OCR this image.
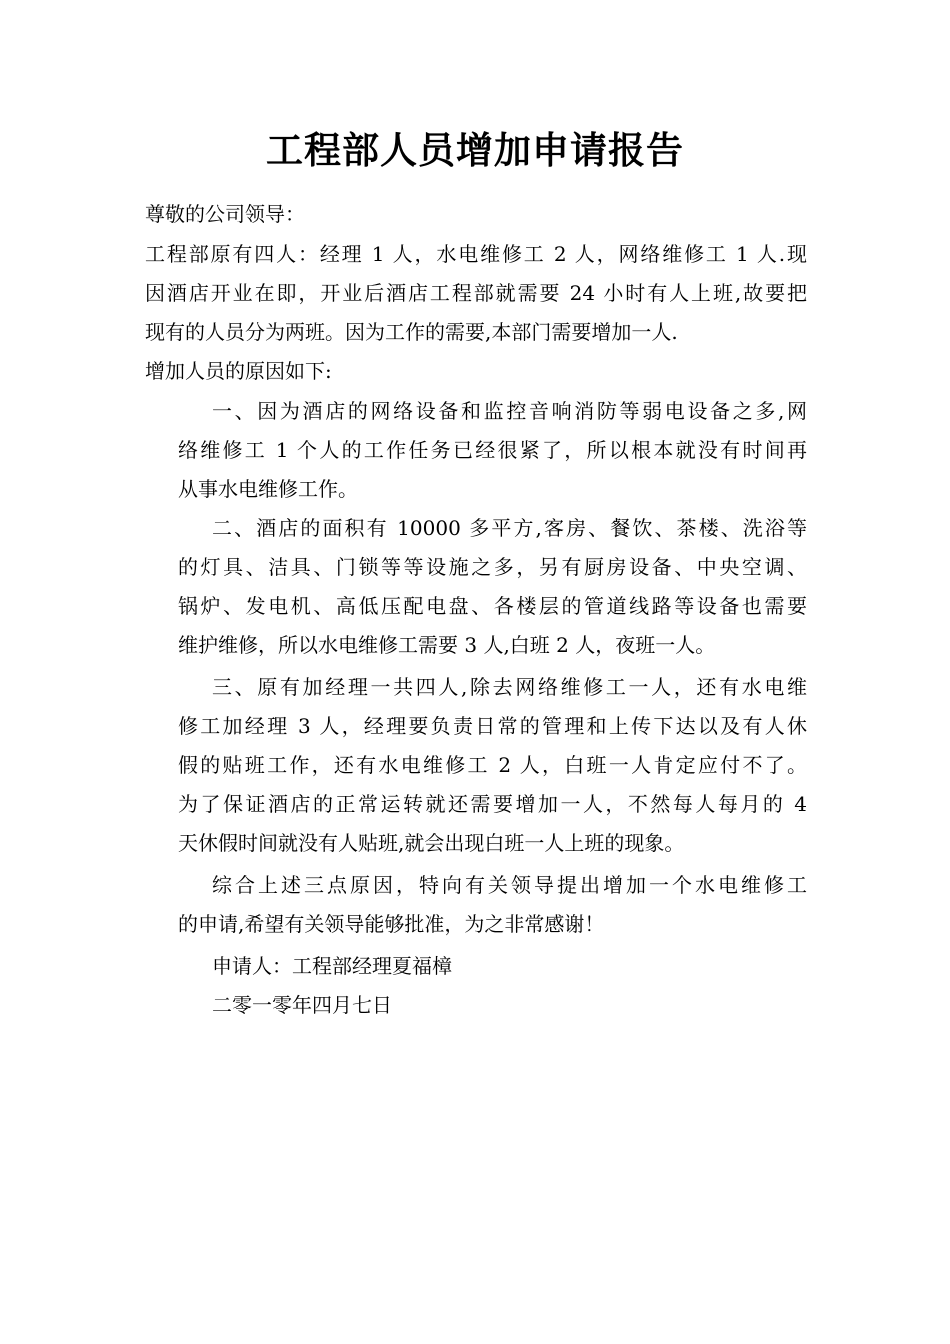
工程部人员增加申请报告
尊敬的公司领导：
工程部原有四人：经理 1 人，水电维修工 2 人，网络维修工 1 人.现
因酒店开业在即，开业后酒店工程部就需要 24 小时有人上班,故要把
现有的人员分为两班。因为工作的需要,本部门需要增加一人.
增加人员的原因如下:
一、因为酒店的网络设备和监控音响消防等弱电设备之多,网
络维修工 1 个人的工作任务已经很紧了，所以根本就没有时间再
从事水电维修工作。
二、酒店的面积有 10000 多平方,客房、餐饮、茶楼、洗浴等
的灯具、洁具、门锁等等设施之多，另有厨房设备、中央空调、
锅炉、发电机、高低压配电盘、各楼层的管道线路等设备也需要
维护维修，所以水电维修工需要 3 人,白班 2 人，夜班一人。
三、原有加经理一共四人,除去网络维修工一人，还有水电维
修工加经理 3 人，经理要负责日常的管理和上传下达以及有人休
假的贴班工作，还有水电维修工 2 人，白班一人肯定应付不了。
为了保证酒店的正常运转就还需要增加一人，不然每人每月的 4
天休假时间就没有人贴班,就会出现白班一人上班的现象。
综合上述三点原因，特向有关领导提出增加一个水电维修工
的申请,希望有关领导能够批准，为之非常感谢！
申请人：工程部经理夏福樟
二零一零年四月七日
